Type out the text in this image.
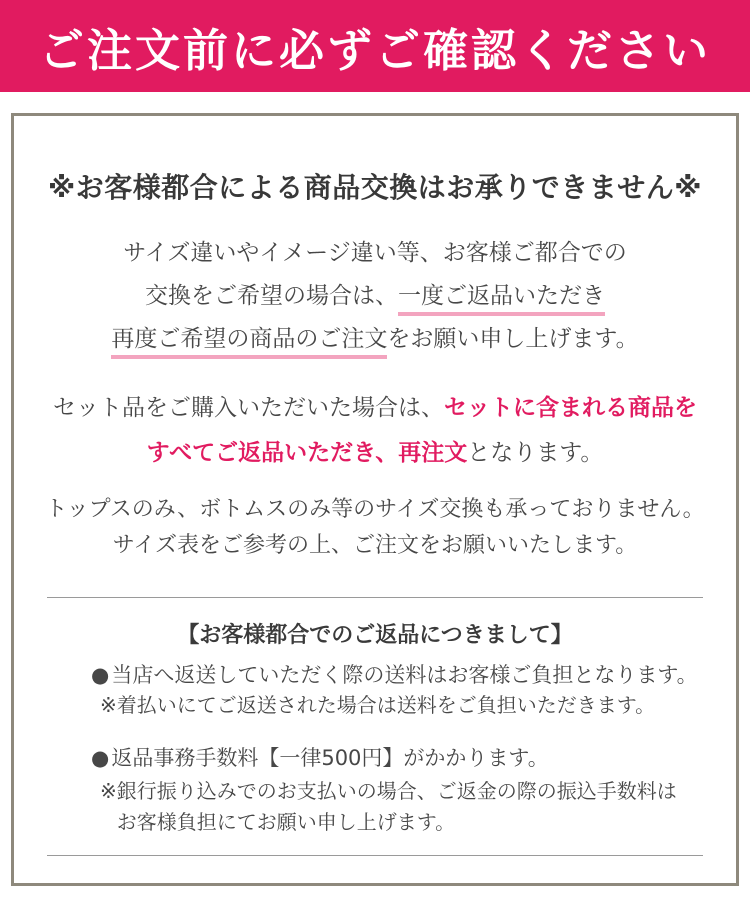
ご注文前に必ずご確認ください
※お客様都合による商品交換はお承りできません※
サイズ違いやイメージ違い等、お客様ご都合での
交換をご希望の場合は、一度ご返品いただき
再度ご希望の商品のご注文をお願い申し上げます。
セット品をご購入いただいた場合は、セットに含まれる商品を
すべてご返品いただき、再注文となります。
トップスのみ、ボトムスのみ等のサイズ交換も承っておりません。
サイズ表をご参考の上、ご注文をお願いいたします。
【お客様都合でのご返品につきまして】
●当店へ返送していただく際の送料はお客様ご負担となります。
※ 着払いにてご返送された場合は送料をご負担いただきます。
●返品事務手数料【一律500円】がかかります。
※ 銀行振り込みでのお支払いの場合、ご返金の際の振込手数料は
お客様負担にてお願い申し上げます。
